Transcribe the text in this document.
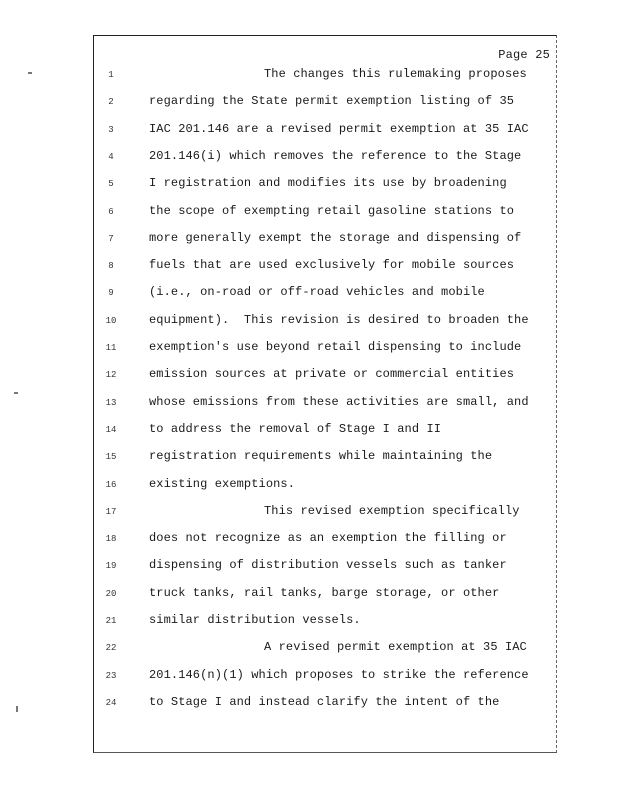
Page 25
1	The changes this rulemaking proposes
2	regarding the State permit exemption listing of 35
3	IAC 201.146 are a revised permit exemption at 35 IAC
4	201.146(i) which removes the reference to the Stage
5	I registration and modifies its use by broadening
6	the scope of exempting retail gasoline stations to
7	more generally exempt the storage and dispensing of
8	fuels that are used exclusively for mobile sources
9	(i.e., on-road or off-road vehicles and mobile
10	equipment).  This revision is desired to broaden the
11	exemption's use beyond retail dispensing to include
12	emission sources at private or commercial entities
13	whose emissions from these activities are small, and
14	to address the removal of Stage I and II
15	registration requirements while maintaining the
16	existing exemptions.
17	This revised exemption specifically
18	does not recognize as an exemption the filling or
19	dispensing of distribution vessels such as tanker
20	truck tanks, rail tanks, barge storage, or other
21	similar distribution vessels.
22	A revised permit exemption at 35 IAC
23	201.146(n)(1) which proposes to strike the reference
24	to Stage I and instead clarify the intent of the
